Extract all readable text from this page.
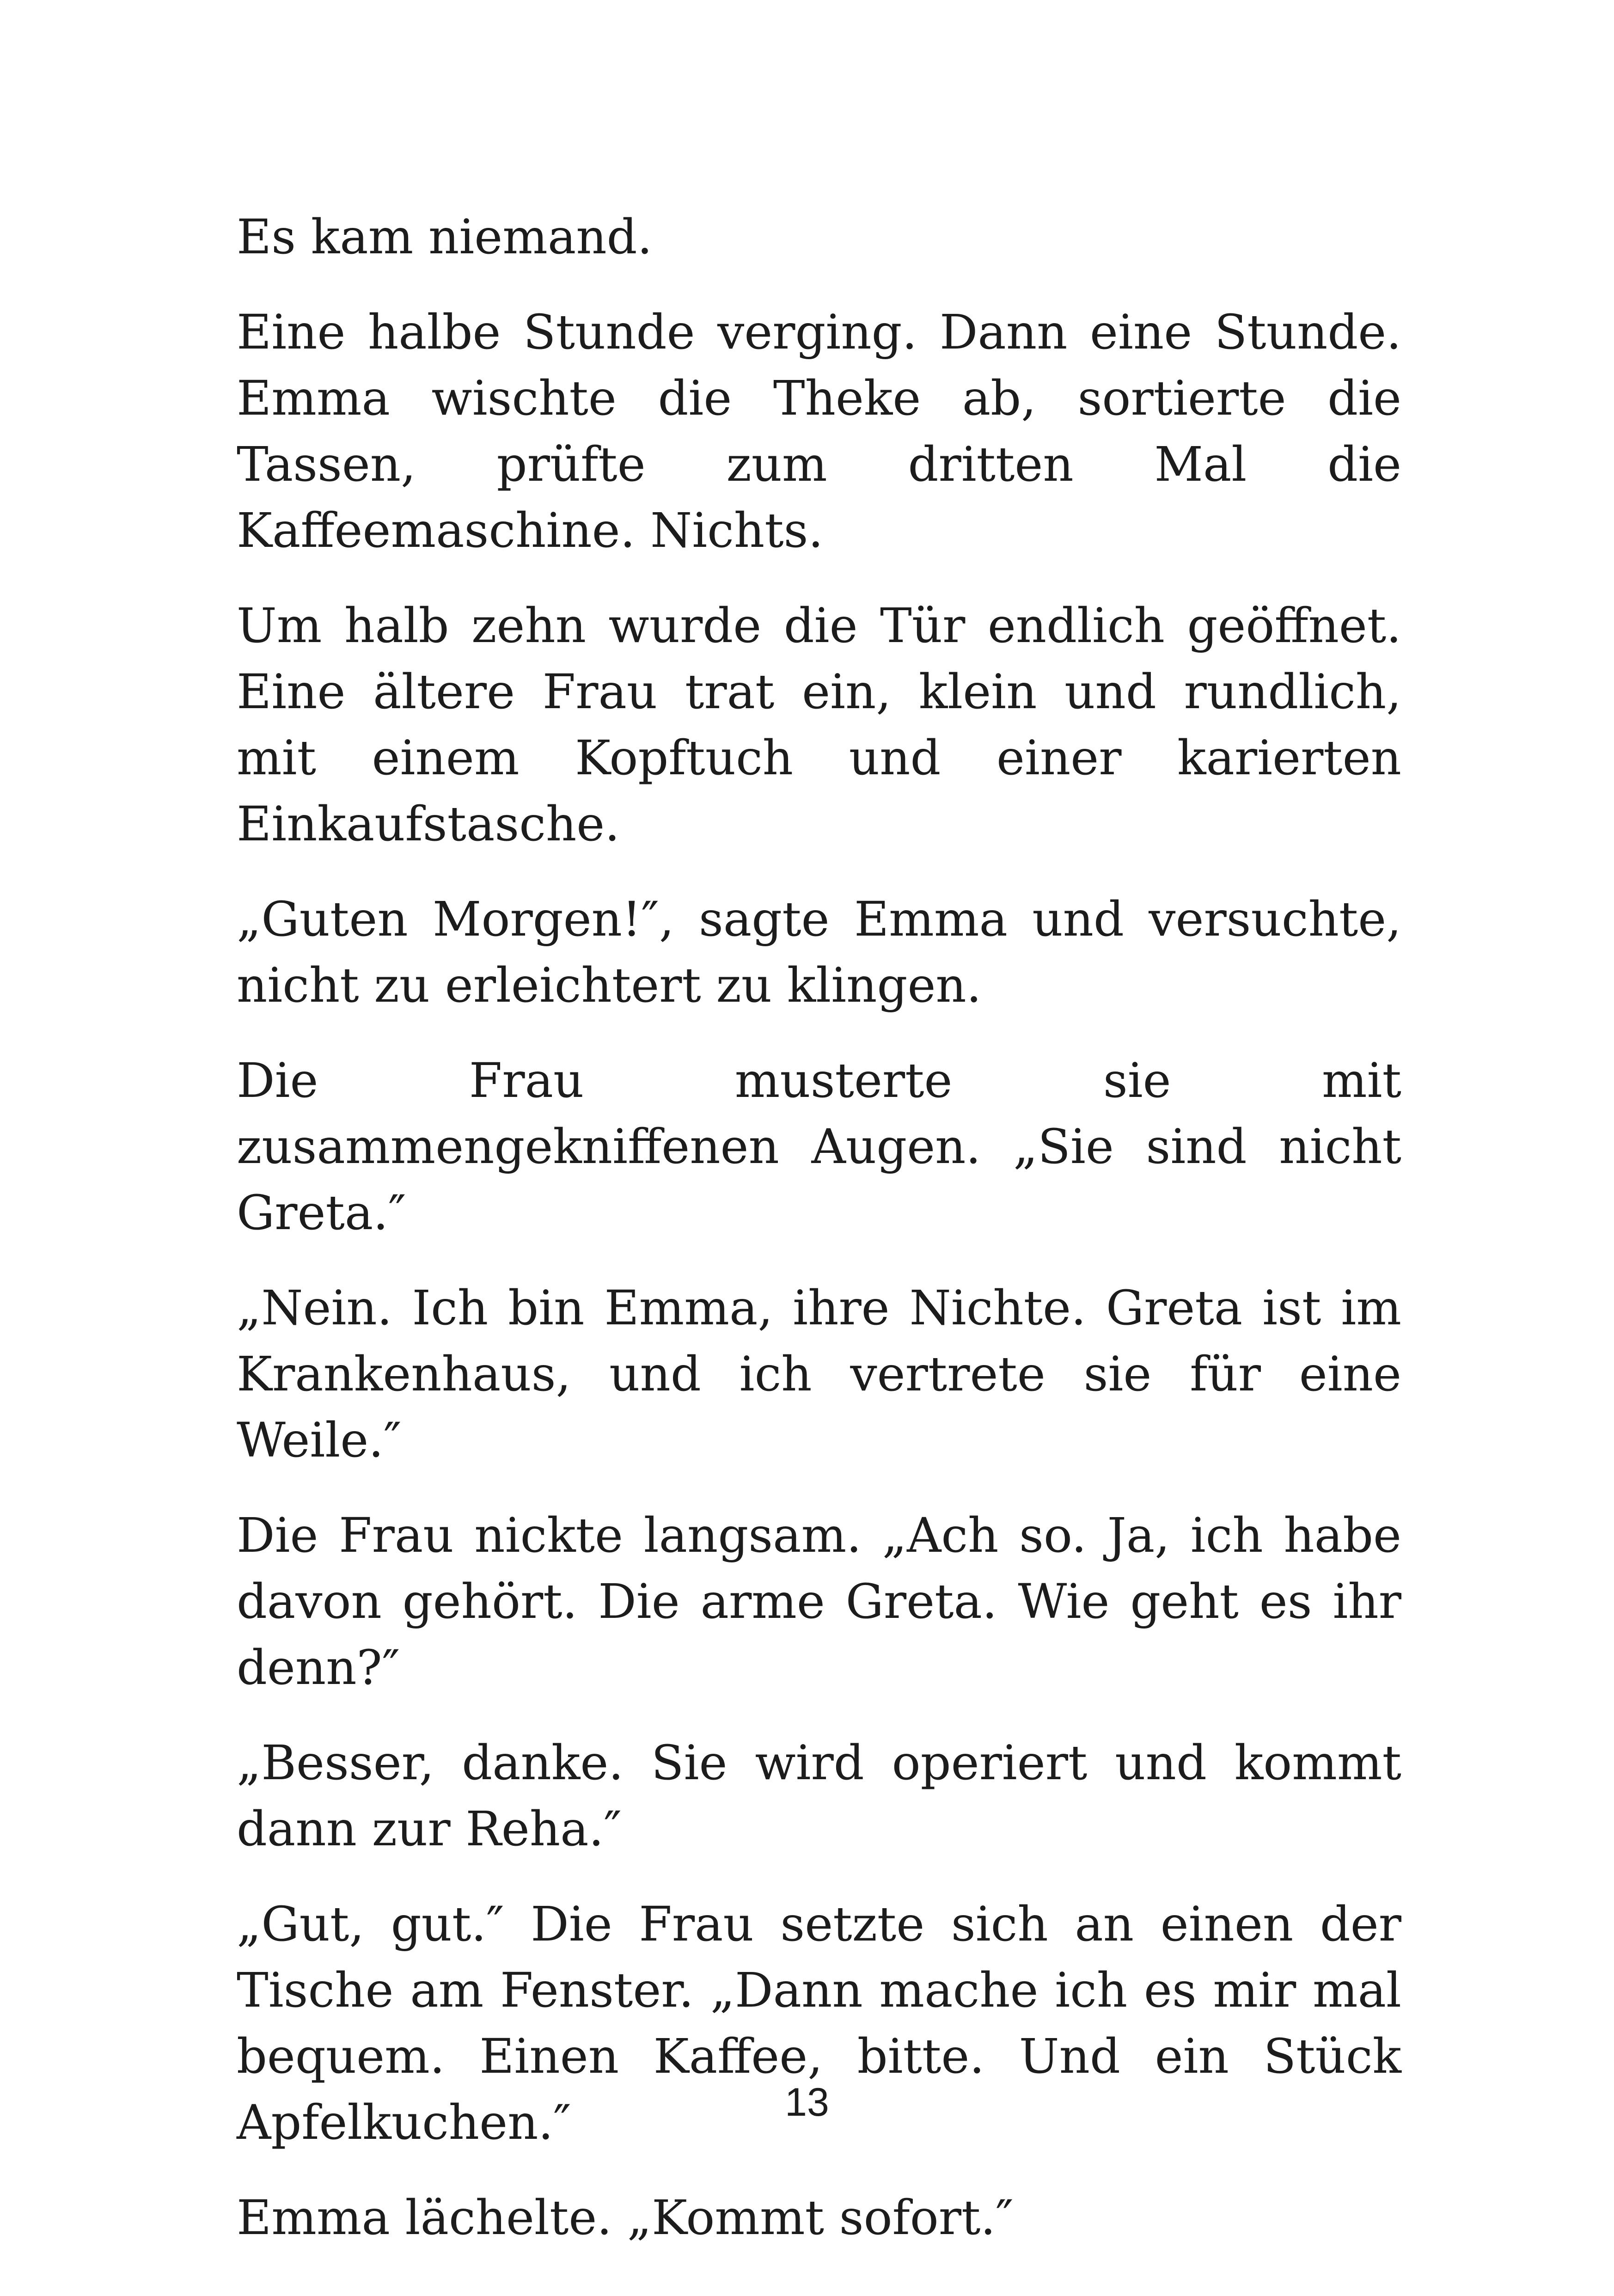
Es kam niemand.

Eine halbe Stunde verging. Dann eine Stunde. Emma wischte die Theke ab, sortierte die Tassen, prüfte zum dritten Mal die Kaffeemaschine. Nichts.

Um halb zehn wurde die Tür endlich geöffnet. Eine ältere Frau trat ein, klein und rundlich, mit einem Kopftuch und einer karierten Einkaufstasche.

„Guten Morgen!″, sagte Emma und versuchte, nicht zu erleichtert zu klingen.

Die Frau musterte sie mit zusammengekniffenen Augen. „Sie sind nicht Greta.″

„Nein. Ich bin Emma, ihre Nichte. Greta ist im Krankenhaus, und ich vertrete sie für eine Weile.″

Die Frau nickte langsam. „Ach so. Ja, ich habe davon gehört. Die arme Greta. Wie geht es ihr denn?″

„Besser, danke. Sie wird operiert und kommt dann zur Reha.″

„Gut, gut.″ Die Frau setzte sich an einen der Tische am Fenster. „Dann mache ich es mir mal bequem. Einen Kaffee, bitte. Und ein Stück Apfelkuchen.″

Emma lächelte. „Kommt sofort.″

13
